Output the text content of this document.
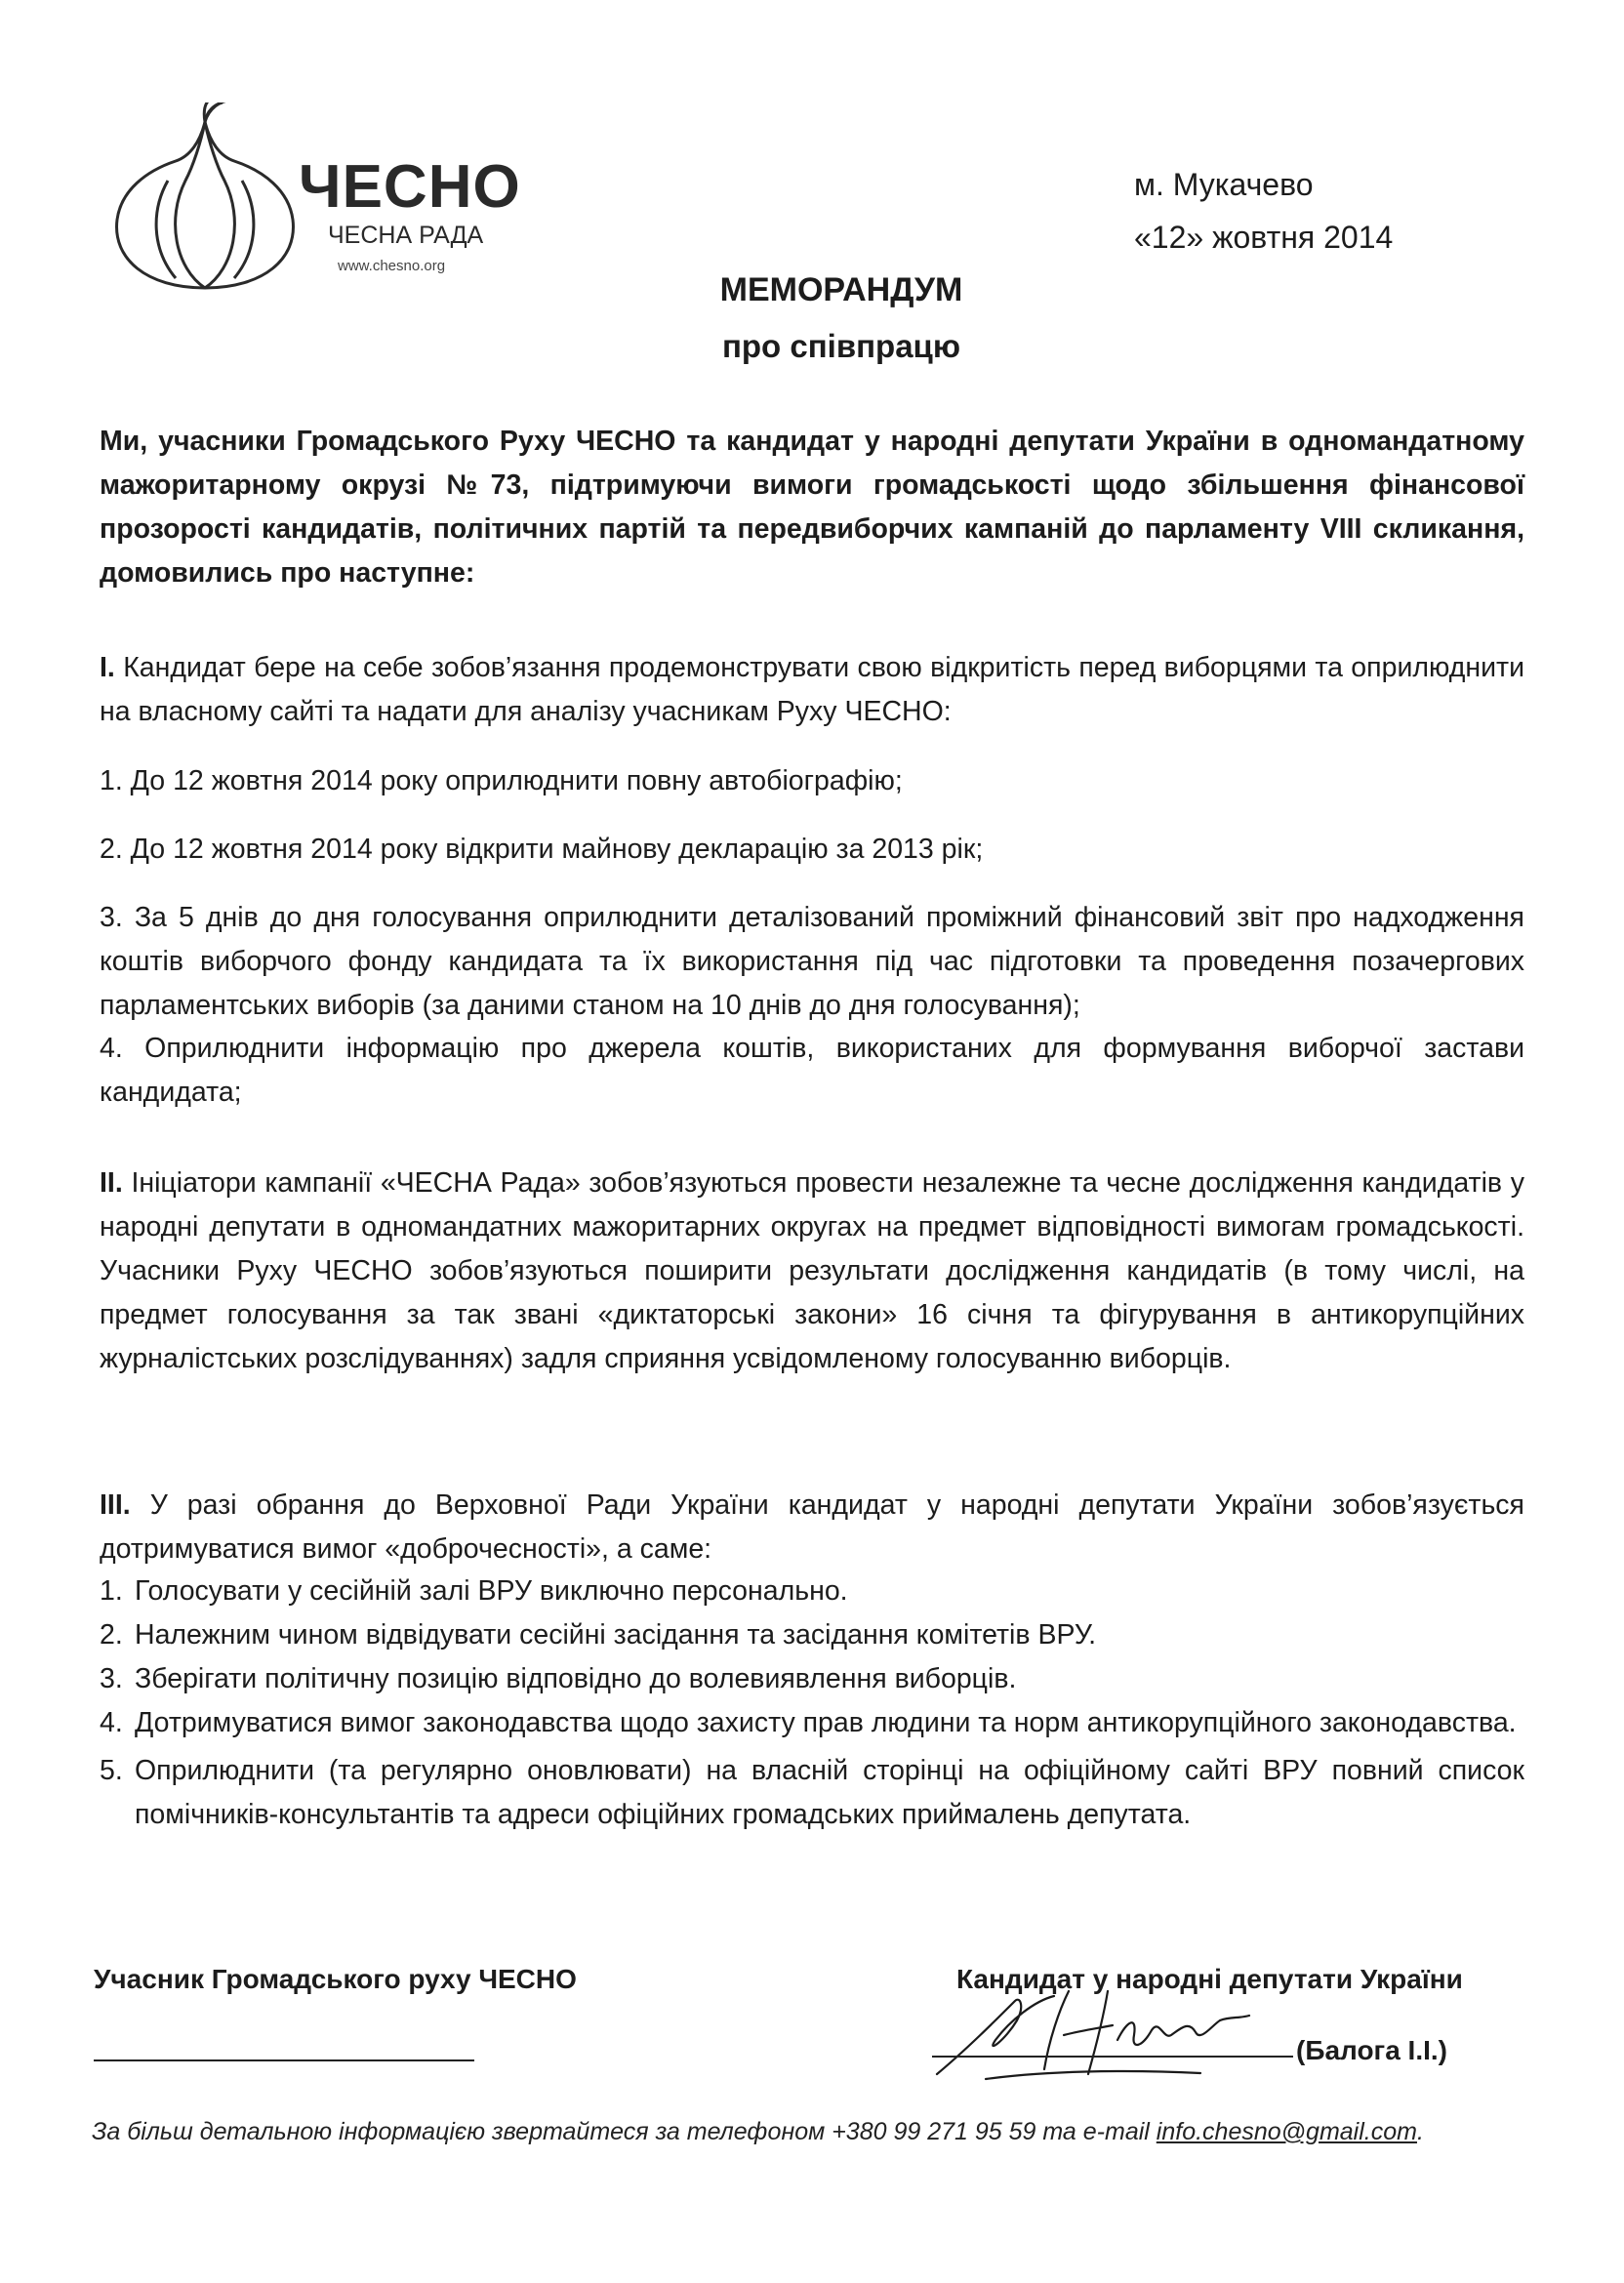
ЧЕСНО
ЧЕСНА РАДА
www.chesno.org
м. Мукачево
«12» жовтня 2014
МЕМОРАНДУМ
про співпрацю
Ми, учасники Громадського Руху ЧЕСНО та кандидат у народні депутати України в одномандатному мажоритарному окрузі №73, підтримуючи вимоги громадськості щодо збільшення фінансової прозорості кандидатів, політичних партій та передвиборчих кампаній до парламенту VIII скликання, домовились про наступне:
I. Кандидат бере на себе зобов’язання продемонструвати свою відкритість перед виборцями та оприлюднити на власному сайті та надати для аналізу учасникам Руху ЧЕСНО:
1. До 12 жовтня 2014 року оприлюднити повну автобіографію;
2. До 12 жовтня 2014 року відкрити майнову декларацію за 2013 рік;
3. За 5 днів до дня голосування оприлюднити деталізований проміжний фінансовий звіт про надходження коштів виборчого фонду кандидата та їх використання під час підготовки та проведення позачергових парламентських виборів (за даними станом на 10 днів до дня голосування);
4. Оприлюднити інформацію про джерела коштів, використаних для формування виборчої застави кандидата;
II. Ініціатори кампанії «ЧЕСНА Рада» зобов’язуються провести незалежне та чесне дослідження кандидатів у народні депутати в одномандатних мажоритарних округах на предмет відповідності вимогам громадськості. Учасники Руху ЧЕСНО зобов’язуються поширити результати дослідження кандидатів (в тому числі, на предмет голосування за так звані «диктаторські закони» 16 січня та фігурування в антикорупційних журналістських розслідуваннях) задля сприяння усвідомленому голосуванню виборців.
III. У разі обрання до Верховної Ради України кандидат у народні депутати України зобов’язується дотримуватися вимог «доброчесності», а саме:
1. Голосувати у сесійній залі ВРУ виключно персонально.
2. Належним чином відвідувати сесійні засідання та засідання комітетів ВРУ.
3. Зберігати політичну позицію відповідно до волевиявлення виборців.
4. Дотримуватися вимог законодавства щодо захисту прав людини та норм антикорупційного законодавства.
5. Оприлюднити (та регулярно оновлювати) на власній сторінці на офіційному сайті ВРУ повний список помічників-консультантів та адреси офіційних громадських приймалень депутата.
Учасник Громадського руху ЧЕСНО	Кандидат у народні депутати України
(Балога І.І.)
За більш детальною інформацією звертайтеся за телефоном +380 99 271 95 59 та e-mail info.chesno@gmail.com.
